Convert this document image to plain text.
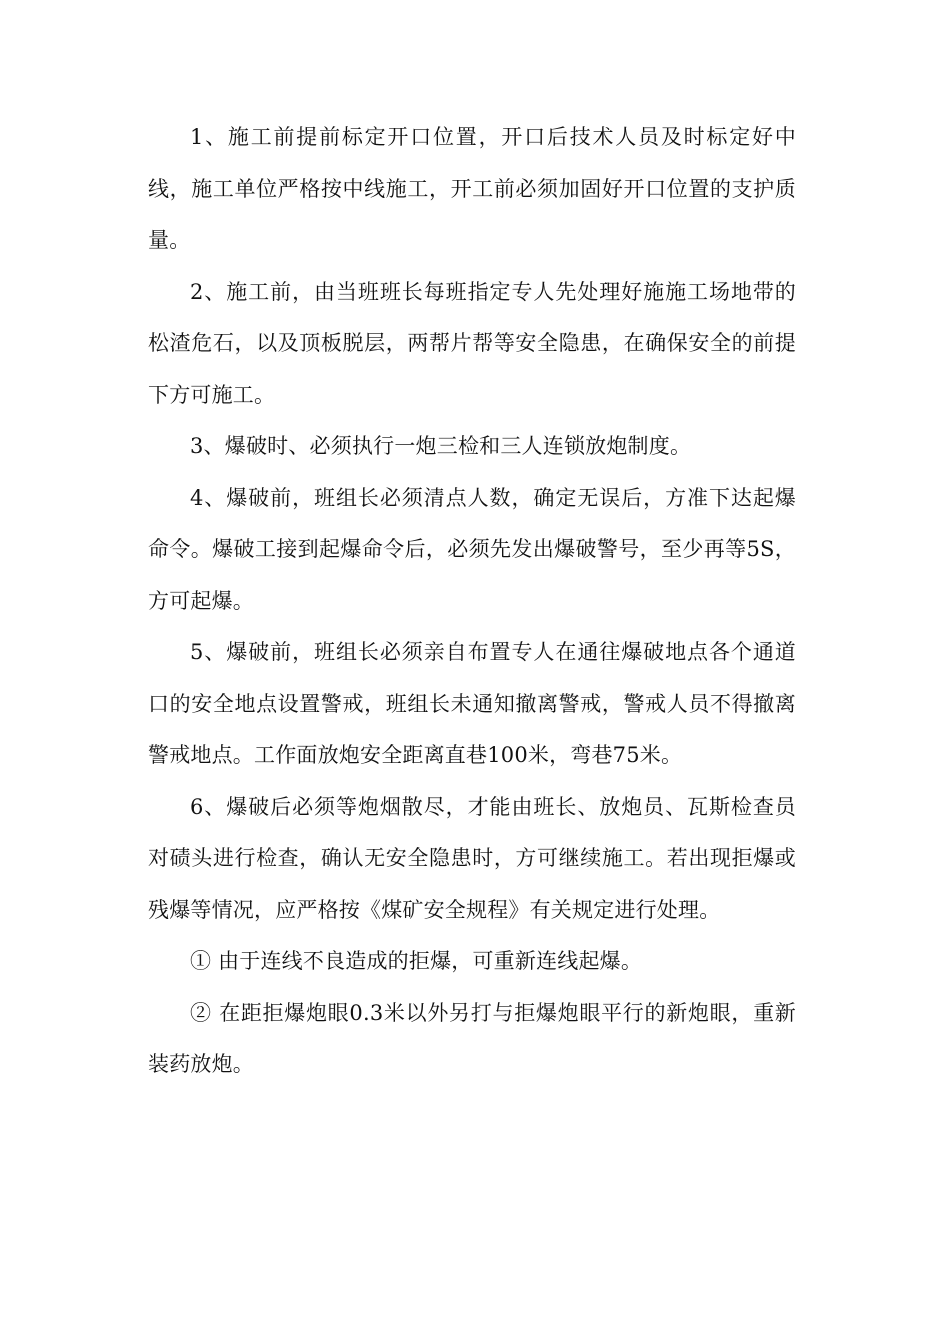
1、施工前提前标定开口位置，开口后技术人员及时标定好中线，施工单位严格按中线施工，开工前必须加固好开口位置的支护质量。

2、施工前，由当班班长每班指定专人先处理好施施工场地带的松渣危石，以及顶板脱层，两帮片帮等安全隐患，在确保安全的前提下方可施工。

3、爆破时、必须执行一炮三检和三人连锁放炮制度。

4、爆破前，班组长必须清点人数，确定无误后，方准下达起爆命令。爆破工接到起爆命令后，必须先发出爆破警号，至少再等5S，方可起爆。

5、爆破前，班组长必须亲自布置专人在通往爆破地点各个通道口的安全地点设置警戒，班组长未通知撤离警戒，警戒人员不得撤离警戒地点。工作面放炮安全距离直巷100米，弯巷75米。

6、爆破后必须等炮烟散尽，才能由班长、放炮员、瓦斯检查员对碛头进行检查，确认无安全隐患时，方可继续施工。若出现拒爆或残爆等情况，应严格按《煤矿安全规程》有关规定进行处理。

① 由于连线不良造成的拒爆，可重新连线起爆。

② 在距拒爆炮眼0.3米以外另打与拒爆炮眼平行的新炮眼，重新装药放炮。
